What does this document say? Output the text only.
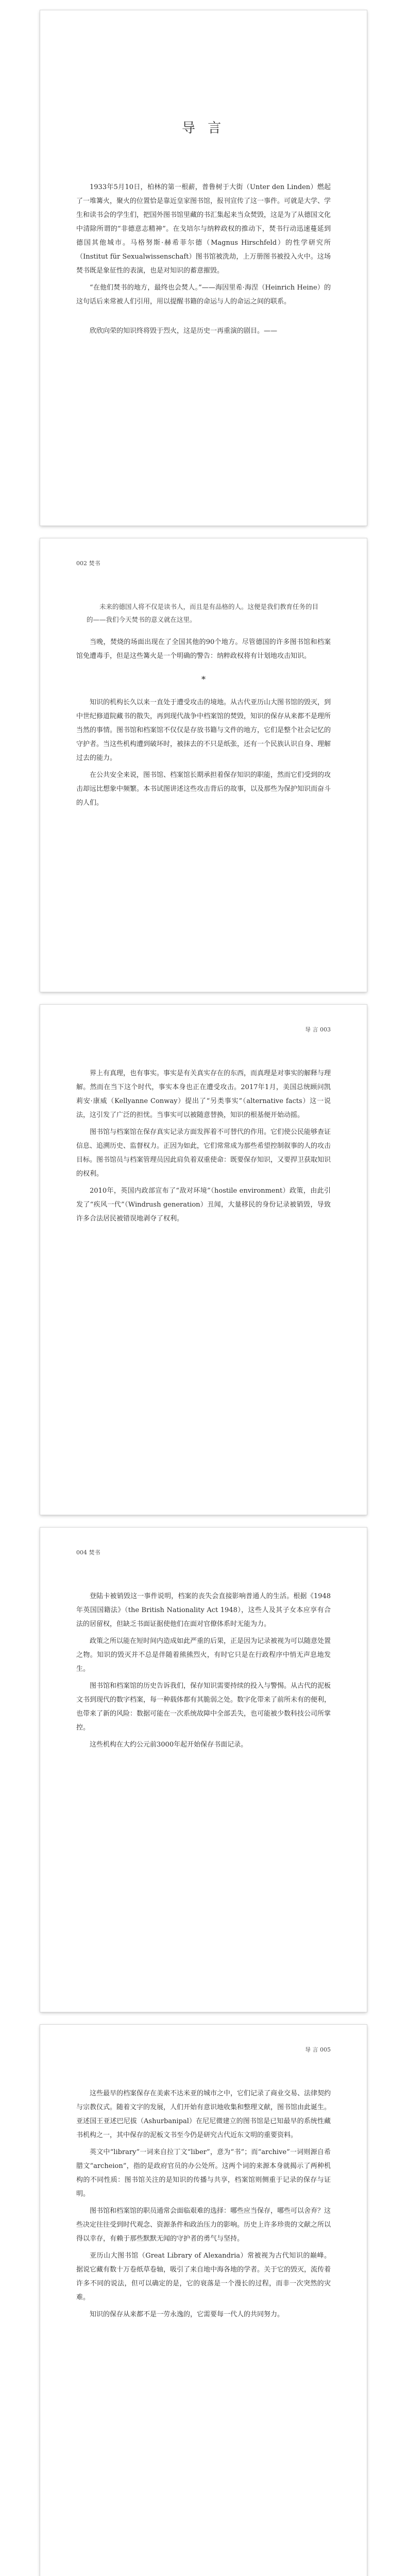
导 言

1933年5月10日，柏林的第一根薪，普鲁树于大街（Unter den Linden）燃起了一堆篝火，聚火的位置恰是靠近皇家图书馆，报刊宣传了这一事件。可就是大学、学生和读书会的学生们，把国外图书馆里藏的书汇集起来当众焚毁，这是为了从德国文化中清除所谓的“非德意志精神”。在戈培尔与纳粹政权的推动下，焚书行动迅速蔓延到德国其他城市。马格努斯·赫希菲尔德（Magnus Hirschfeld）的性学研究所（Institut für Sexualwissenschaft）图书馆被洗劫，上万册图书被投入火中。这场焚书既是象征性的表演，也是对知识的蓄意摧毁。

“在他们焚书的地方，最终也会焚人。”——海因里希·海涅（Heinrich Heine）的这句话后来常被人们引用，用以提醒书籍的命运与人的命运之间的联系。

欣欣向荣的知识终将毁于烈火，这是历史一再重演的剧目。——

002 焚书

未来的德国人将不仅是读书人，而且是有品格的人。这便是我们教育任务的目的——我们今天焚书的意义就在这里。

当晚，焚烧的场面出现在了全国其他的90个地方。尽管德国的许多图书馆和档案馆免遭毒手，但是这些篝火是一个明确的警告：纳粹政权将有计划地攻击知识。

*

知识的机构长久以来一直处于遭受攻击的境地。从古代亚历山大图书馆的毁灭，到中世纪修道院藏书的散失，再到现代战争中档案馆的焚毁，知识的保存从来都不是理所当然的事情。图书馆和档案馆不仅仅是存放书籍与文件的地方，它们是整个社会记忆的守护者。当这些机构遭到破坏时，被抹去的不只是纸张，还有一个民族认识自身、理解过去的能力。

在公共安全来说，图书馆、档案馆长期承担着保存知识的职能，然而它们受到的攻击却远比想象中频繁。本书试图讲述这些攻击背后的故事，以及那些为保护知识而奋斗的人们。

导 言 003

界上有真理，也有事实。事实是有关真实存在的东西，而真理是对事实的解释与理解。然而在当下这个时代，事实本身也正在遭受攻击。2017年1月，美国总统顾问凯莉安·康威（Kellyanne Conway）提出了“另类事实”（alternative facts）这一说法，这引发了广泛的担忧。当事实可以被随意替换，知识的根基便开始动摇。

图书馆与档案馆在保存真实记录方面发挥着不可替代的作用。它们使公民能够查证信息、追溯历史、监督权力。正因为如此，它们常常成为那些希望控制叙事的人的攻击目标。图书馆员与档案管理员因此肩负着双重使命：既要保存知识，又要捍卫获取知识的权利。

2010年，英国内政部宣布了“敌对环境”（hostile environment）政策，由此引发了“疾风一代”（Windrush generation）丑闻，大量移民的身份记录被销毁，导致许多合法居民被错误地剥夺了权利。

004 焚书

登陆卡被销毁这一事件说明，档案的丧失会直接影响普通人的生活。根据《1948年英国国籍法》（the British Nationality Act 1948），这些人及其子女本应享有合法的居留权，但缺乏书面证据使他们在面对官僚体系时无能为力。

政策之所以能在短时间内造成如此严重的后果，正是因为记录被视为可以随意处置之物。知识的毁灭并不总是伴随着熊熊烈火，有时它只是在行政程序中悄无声息地发生。

图书馆和档案馆的历史告诉我们，保存知识需要持续的投入与警惕。从古代的泥板文书到现代的数字档案，每一种载体都有其脆弱之处。数字化带来了前所未有的便利，也带来了新的风险：数据可能在一次系统故障中全部丢失，也可能被少数科技公司所掌控。

这些机构在大约公元前3000年起开始保存书面记录。

导 言 005

这些最早的档案保存在美索不达米亚的城市之中，它们记录了商业交易、法律契约与宗教仪式。随着文字的发展，人们开始有意识地收集和整理文献，图书馆由此诞生。亚述国王亚述巴尼拔（Ashurbanipal）在尼尼微建立的图书馆是已知最早的系统性藏书机构之一，其中保存的泥板文书至今仍是研究古代近东文明的重要资料。

英文中“library”一词来自拉丁文“liber”，意为“书”；而“archive”一词则源自希腊文“archeion”，指的是政府官员的办公处所。这两个词的来源本身就揭示了两种机构的不同性质：图书馆关注的是知识的传播与共享，档案馆则侧重于记录的保存与证明。

图书馆和档案馆的职员通常会面临艰难的选择：哪些应当保存，哪些可以舍弃？这些决定往往受到时代观念、资源条件和政治压力的影响。历史上许多珍贵的文献之所以得以幸存，有赖于那些默默无闻的守护者的勇气与坚持。

亚历山大图书馆（Great Library of Alexandria）常被视为古代知识的巅峰。据说它藏有数十万卷纸草卷轴，吸引了来自地中海各地的学者。关于它的毁灭，流传着许多不同的说法，但可以确定的是，它的衰落是一个漫长的过程，而非一次突然的灾难。

知识的保存从来都不是一劳永逸的，它需要每一代人的共同努力。
